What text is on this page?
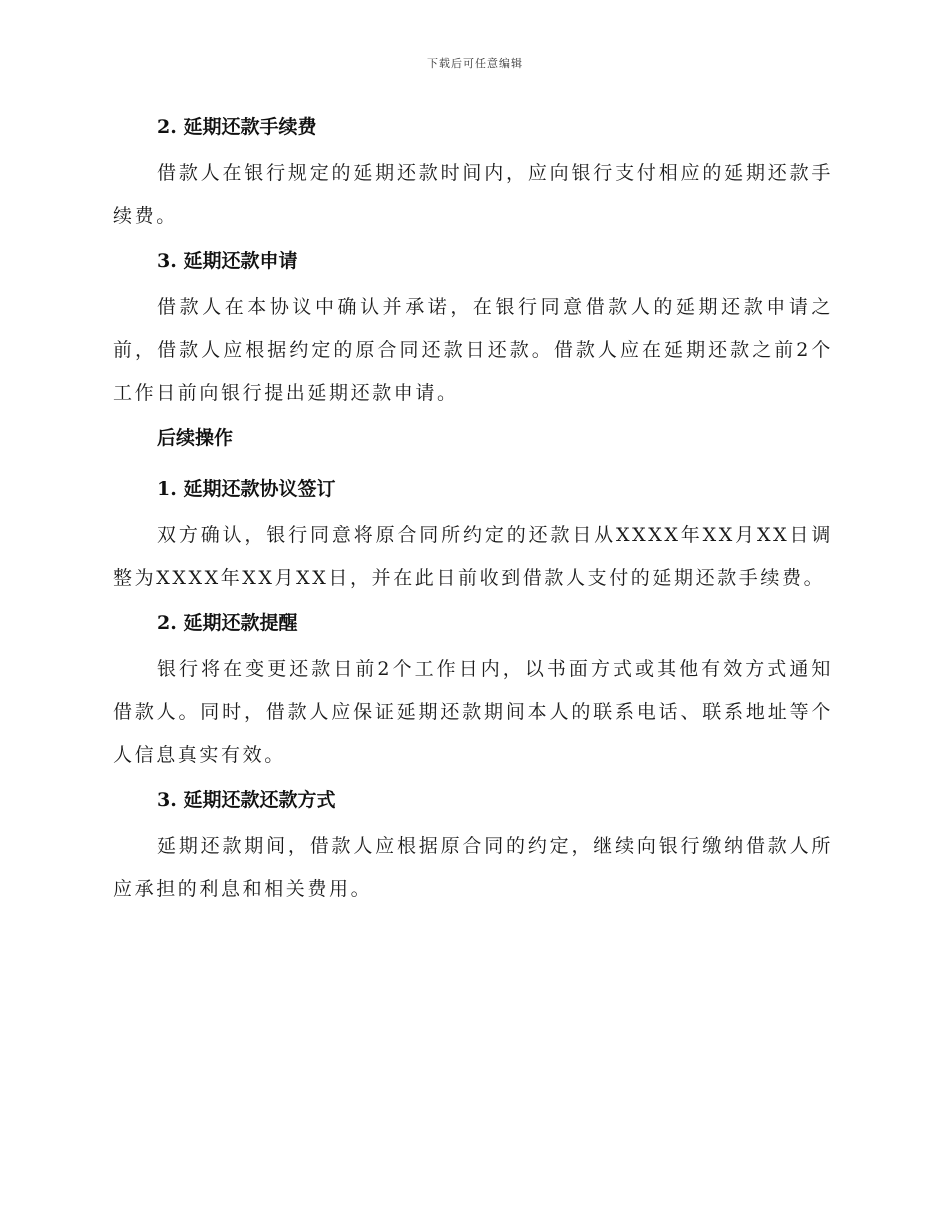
下载后可任意编辑

2. 延期还款手续费

借款人在银行规定的延期还款时间内，应向银行支付相应的延期还款手续费。

3. 延期还款申请

借款人在本协议中确认并承诺，在银行同意借款人的延期还款申请之前，借款人应根据约定的原合同还款日还款。借款人应在延期还款之前2个工作日前向银行提出延期还款申请。

后续操作

1. 延期还款协议签订

双方确认，银行同意将原合同所约定的还款日从XXXX年XX月XX日调整为XXXX年XX月XX日，并在此日前收到借款人支付的延期还款手续费。

2. 延期还款提醒

银行将在变更还款日前2个工作日内，以书面方式或其他有效方式通知借款人。同时，借款人应保证延期还款期间本人的联系电话、联系地址等个人信息真实有效。

3. 延期还款还款方式

延期还款期间，借款人应根据原合同的约定，继续向银行缴纳借款人所应承担的利息和相关费用。
